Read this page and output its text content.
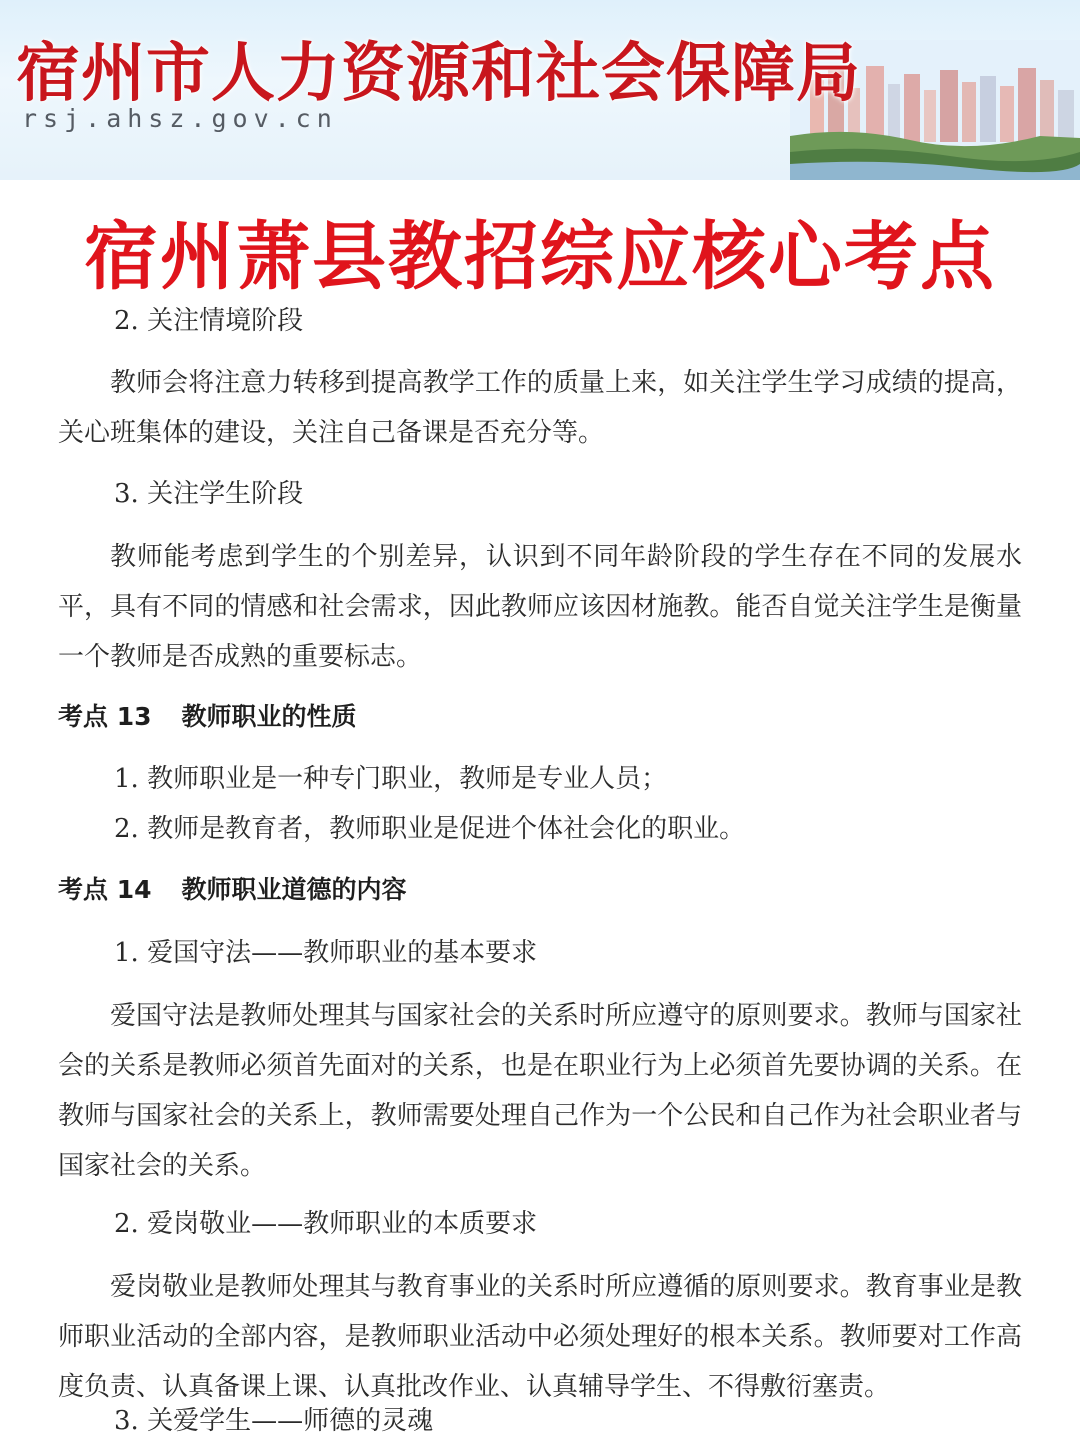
宿州市人力资源和社会保障局
rsj.ahsz.gov.cn
宿州萧县教招综应核心考点
2. 关注情境阶段
教师会将注意力转移到提高教学工作的质量上来，如关注学生学习成绩的提高，关心班集体的建设，关注自己备课是否充分等。
3. 关注学生阶段
教师能考虑到学生的个别差异，认识到不同年龄阶段的学生存在不同的发展水平，具有不同的情感和社会需求，因此教师应该因材施教。能否自觉关注学生是衡量一个教师是否成熟的重要标志。
考点 13 教师职业的性质
1. 教师职业是一种专门职业，教师是专业人员；
2. 教师是教育者，教师职业是促进个体社会化的职业。
考点 14 教师职业道德的内容
1. 爱国守法——教师职业的基本要求
爱国守法是教师处理其与国家社会的关系时所应遵守的原则要求。教师与国家社会的关系是教师必须首先面对的关系，也是在职业行为上必须首先要协调的关系。在教师与国家社会的关系上，教师需要处理自己作为一个公民和自己作为社会职业者与国家社会的关系。
2. 爱岗敬业——教师职业的本质要求
爱岗敬业是教师处理其与教育事业的关系时所应遵循的原则要求。教育事业是教师职业活动的全部内容，是教师职业活动中必须处理好的根本关系。教师要对工作高度负责、认真备课上课、认真批改作业、认真辅导学生、不得敷衍塞责。
3. 关爱学生——师德的灵魂
